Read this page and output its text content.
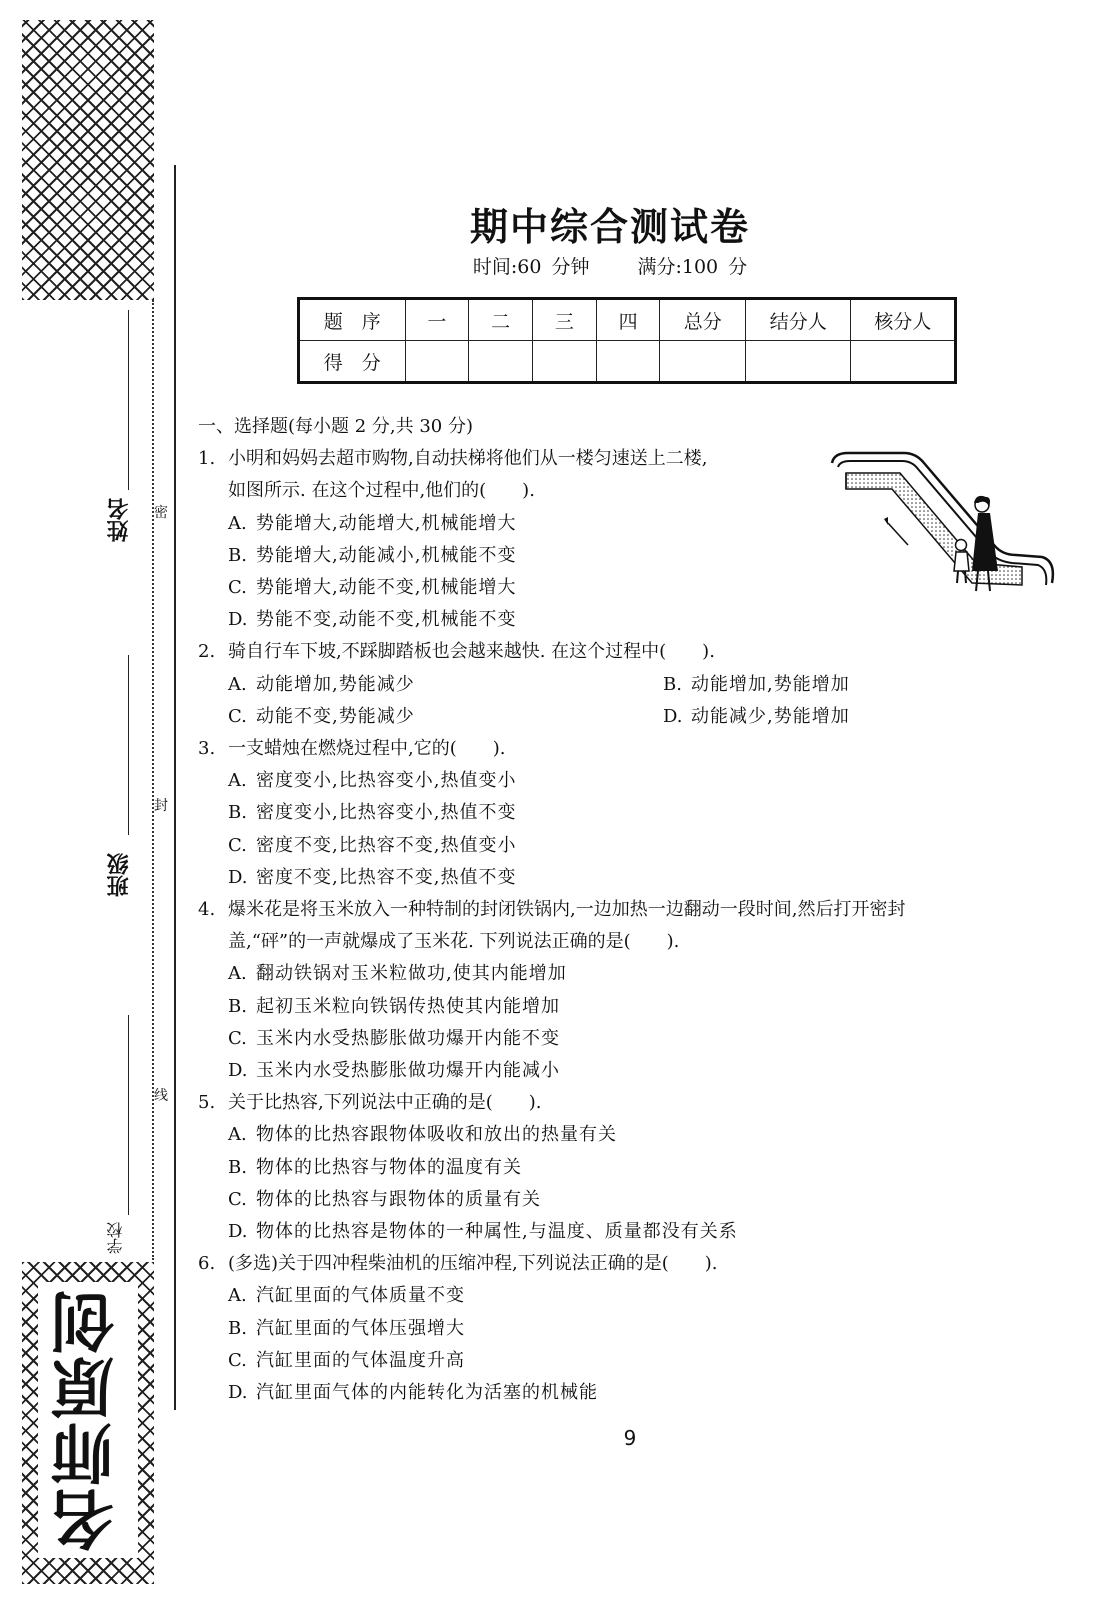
名师原创
姓名
班级
学校
密
封
线
期中综合测试卷
时间:60 分钟	满分:100 分
题　序	一	二	三	四	总分	结分人	核分人
得　分							
一、选择题(每小题 2 分,共 30 分)
1. 小明和妈妈去超市购物,自动扶梯将他们从一楼匀速送上二楼,
如图所示. 在这个过程中,他们的(　　).
A. 势能增大,动能增大,机械能增大
B. 势能增大,动能减小,机械能不变
C. 势能增大,动能不变,机械能增大
D. 势能不变,动能不变,机械能不变
2. 骑自行车下坡,不踩脚踏板也会越来越快. 在这个过程中(　　).
A. 动能增加,势能减少	B. 动能增加,势能增加
C. 动能不变,势能减少	D. 动能减少,势能增加
3. 一支蜡烛在燃烧过程中,它的(　　).
A. 密度变小,比热容变小,热值变小
B. 密度变小,比热容变小,热值不变
C. 密度不变,比热容不变,热值变小
D. 密度不变,比热容不变,热值不变
4. 爆米花是将玉米放入一种特制的封闭铁锅内,一边加热一边翻动一段时间,然后打开密封
盖,“砰”的一声就爆成了玉米花. 下列说法正确的是(　　).
A. 翻动铁锅对玉米粒做功,使其内能增加
B. 起初玉米粒向铁锅传热使其内能增加
C. 玉米内水受热膨胀做功爆开内能不变
D. 玉米内水受热膨胀做功爆开内能减小
5. 关于比热容,下列说法中正确的是(　　).
A. 物体的比热容跟物体吸收和放出的热量有关
B. 物体的比热容与物体的温度有关
C. 物体的比热容与跟物体的质量有关
D. 物体的比热容是物体的一种属性,与温度、质量都没有关系
6. (多选)关于四冲程柴油机的压缩冲程,下列说法正确的是(　　).
A. 汽缸里面的气体质量不变
B. 汽缸里面的气体压强增大
C. 汽缸里面的气体温度升高
D. 汽缸里面气体的内能转化为活塞的机械能
9
